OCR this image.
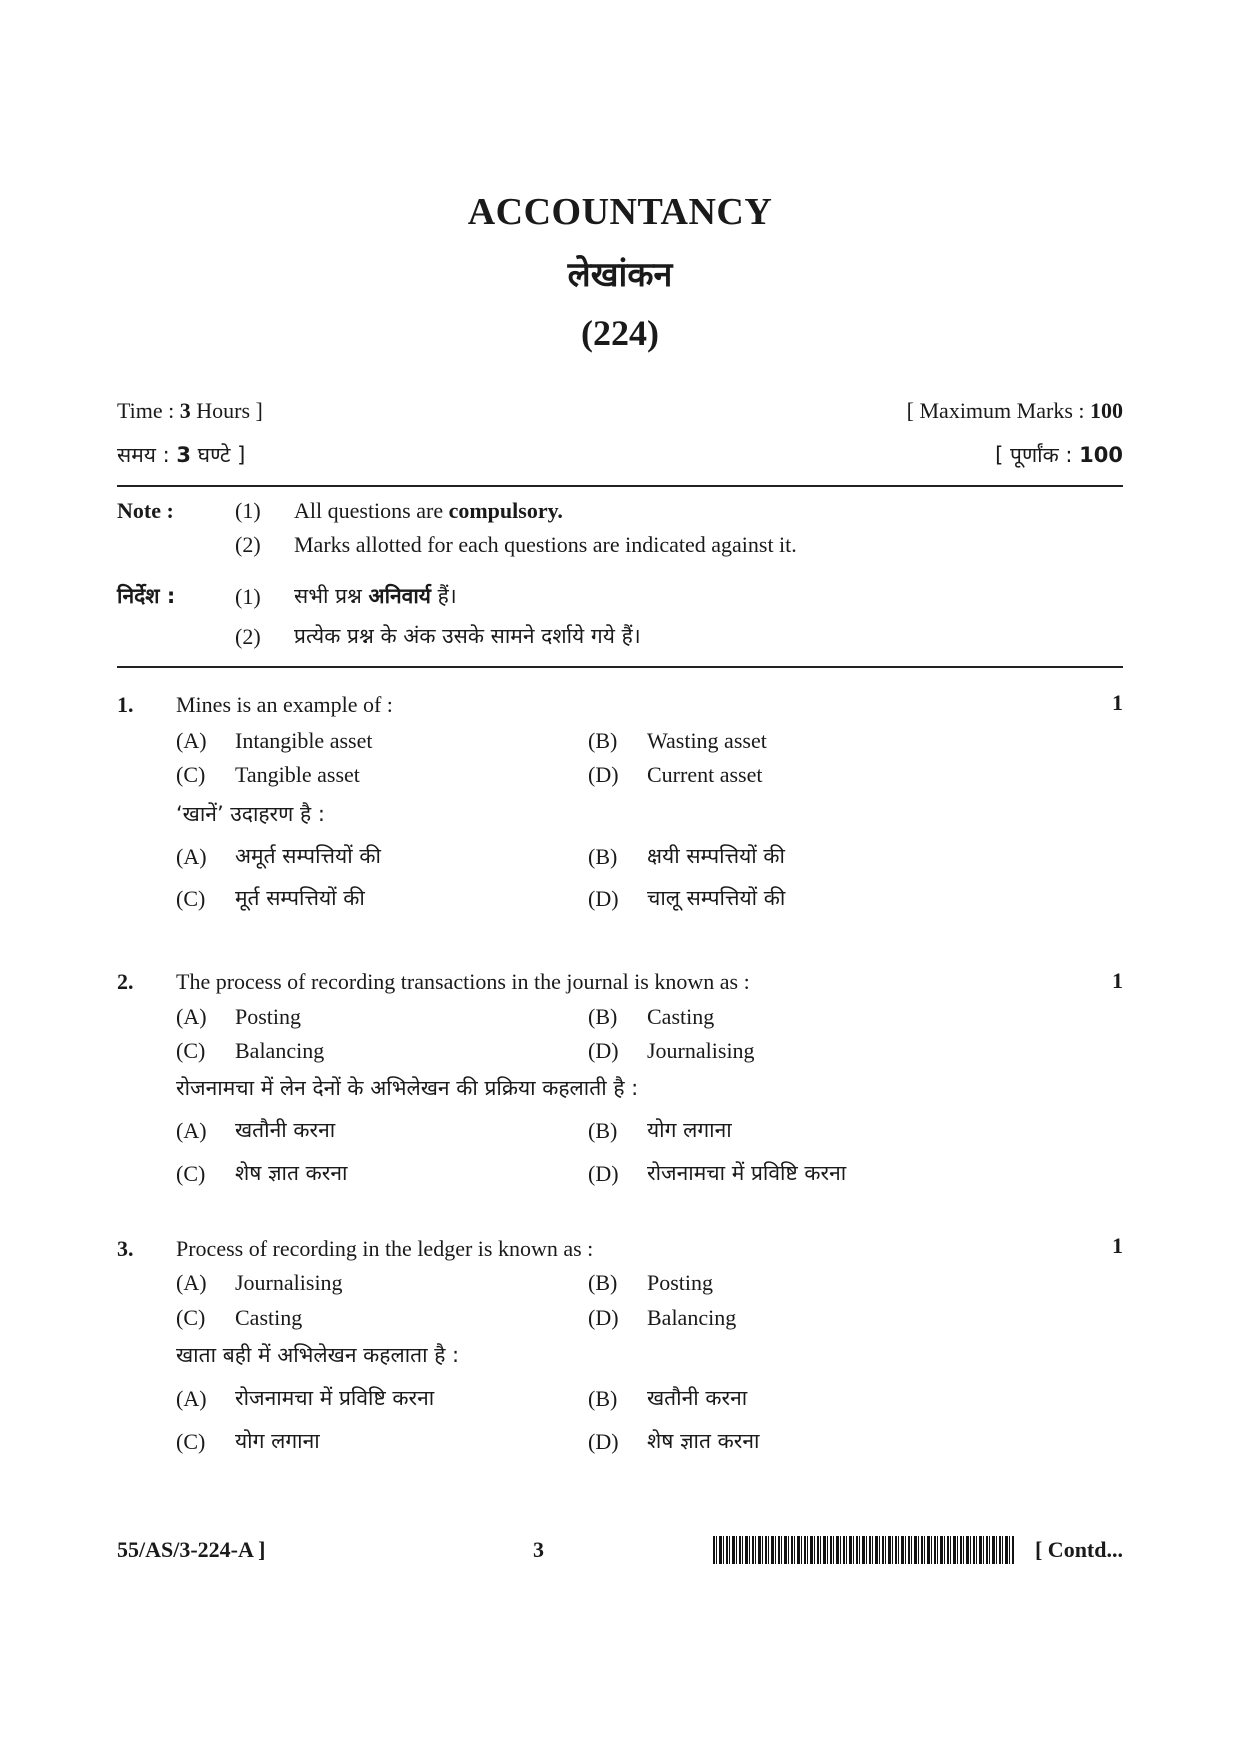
ACCOUNTANCY
लेखांकन
(224)
Time : 3 Hours ]	[ Maximum Marks : 100
समय : 3 घण्टे ]	[ पूर्णांक : 100
Note :	(1) All questions are compulsory.
(2) Marks allotted for each questions are indicated against it.
निर्देश :	(1) सभी प्रश्न अनिवार्य हैं।
(2) प्रत्येक प्रश्न के अंक उसके सामने दर्शाये गये हैं।
1. Mines is an example of :	1
(A) Intangible asset	(B) Wasting asset
(C) Tangible asset	(D) Current asset
‘खानें’ उदाहरण है :
(A) अमूर्त सम्पत्तियों की	(B) क्षयी सम्पत्तियों की
(C) मूर्त सम्पत्तियों की	(D) चालू सम्पत्तियों की
2. The process of recording transactions in the journal is known as :	1
(A) Posting	(B) Casting
(C) Balancing	(D) Journalising
रोजनामचा में लेन देनों के अभिलेखन की प्रक्रिया कहलाती है :
(A) खतौनी करना	(B) योग लगाना
(C) शेष ज्ञात करना	(D) रोजनामचा में प्रविष्टि करना
3. Process of recording in the ledger is known as :	1
(A) Journalising	(B) Posting
(C) Casting	(D) Balancing
खाता बही में अभिलेखन कहलाता है :
(A) रोजनामचा में प्रविष्टि करना	(B) खतौनी करना
(C) योग लगाना	(D) शेष ज्ञात करना
55/AS/3-224-A ]	3	[ Contd...
